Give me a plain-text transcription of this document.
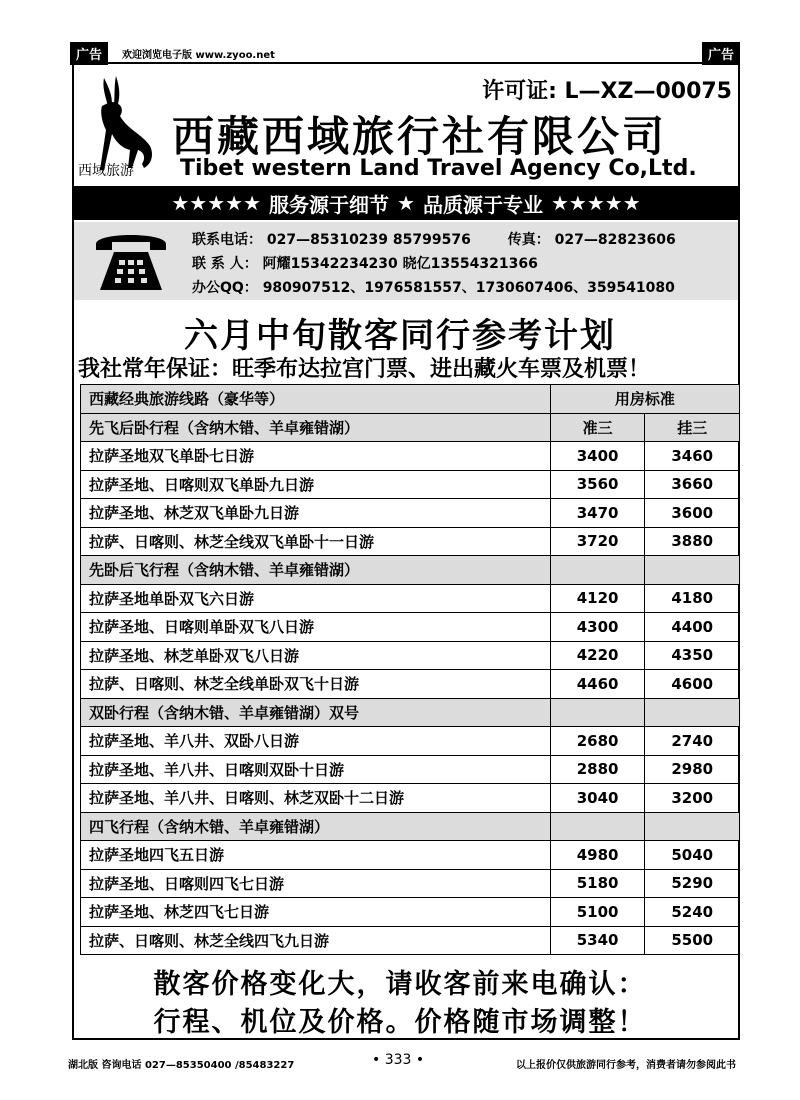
广告	欢迎浏览电子版 www.zyoo.net	广告
西域旅游
许可证: L—XZ—00075
西藏西域旅行社有限公司
Tibet western Land Travel Agency Co,Ltd.
★★★★★ 服务源于细节 ★ 品质源于专业 ★★★★★
联系电话： 027—85310239 85799576	传真： 027—82823606
联 系 人： 阿耀15342234230 晓亿13554321366
办公QQ： 980907512、1976581557、1730607406、359541080
六月中旬散客同行参考计划
我社常年保证：旺季布达拉宫门票、进出藏火车票及机票！
西藏经典旅游线路（豪华等）	用房标准	
先飞后卧行程（含纳木错、羊卓雍错湖）	准三	挂三
拉萨圣地双飞单卧七日游	3400	3460
拉萨圣地、日喀则双飞单卧九日游	3560	3660
拉萨圣地、林芝双飞单卧九日游	3470	3600
拉萨、日喀则、林芝全线双飞单卧十一日游	3720	3880
先卧后飞行程（含纳木错、羊卓雍错湖）		
拉萨圣地单卧双飞六日游	4120	4180
拉萨圣地、日喀则单卧双飞八日游	4300	4400
拉萨圣地、林芝单卧双飞八日游	4220	4350
拉萨、日喀则、林芝全线单卧双飞十日游	4460	4600
双卧行程（含纳木错、羊卓雍错湖）双号		
拉萨圣地、羊八井、双卧八日游	2680	2740
拉萨圣地、羊八井、日喀则双卧十日游	2880	2980
拉萨圣地、羊八井、日喀则、林芝双卧十二日游	3040	3200
四飞行程（含纳木错、羊卓雍错湖）		
拉萨圣地四飞五日游	4980	5040
拉萨圣地、日喀则四飞七日游	5180	5290
拉萨圣地、林芝四飞七日游	5100	5240
拉萨、日喀则、林芝全线四飞九日游	5340	5500
散客价格变化大，请收客前来电确认：
行程、机位及价格。价格随市场调整！
湖北版 咨询电话 027—85350400 /85483227	• 333 •	以上报价仅供旅游同行参考，消费者请勿参阅此书
